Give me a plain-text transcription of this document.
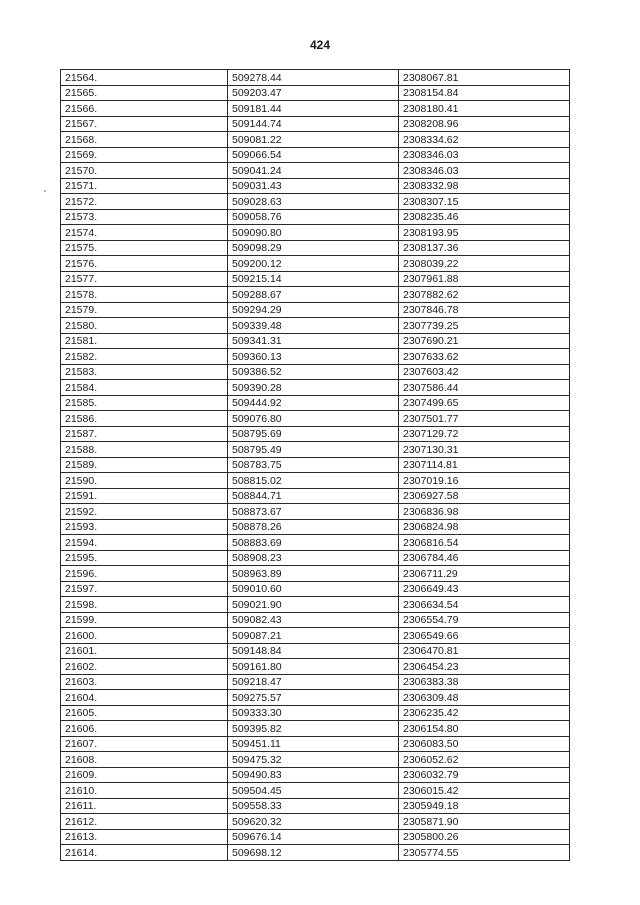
424
21564.	509278.44	2308067.81
21565.	509203.47	2308154.84
21566.	509181.44	2308180.41
21567.	509144.74	2308208.96
21568.	509081.22	2308334.62
21569.	509066.54	2308346.03
21570.	509041.24	2308346.03
21571.	509031.43	2308332.98
21572.	509028.63	2308307.15
21573.	509058.76	2308235.46
21574.	509090.80	2308193.95
21575.	509098.29	2308137.36
21576.	509200.12	2308039.22
21577.	509215.14	2307961.88
21578.	509288.67	2307882.62
21579.	509294.29	2307846.78
21580.	509339.48	2307739.25
21581.	509341.31	2307690.21
21582.	509360.13	2307633.62
21583.	509386.52	2307603.42
21584.	509390.28	2307586.44
21585.	509444.92	2307499.65
21586.	509076.80	2307501.77
21587.	508795.69	2307129.72
21588.	508795.49	2307130.31
21589.	508783.75	2307114.81
21590.	508815.02	2307019.16
21591.	508844.71	2306927.58
21592.	508873.67	2306836.98
21593.	508878.26	2306824.98
21594.	508883.69	2306816.54
21595.	508908.23	2306784.46
21596.	508963.89	2306711.29
21597.	509010.60	2306649.43
21598.	509021.90	2306634.54
21599.	509082.43	2306554.79
21600.	509087.21	2306549.66
21601.	509148.84	2306470.81
21602.	509161.80	2306454.23
21603.	509218.47	2306383.38
21604.	509275.57	2306309.48
21605.	509333.30	2306235.42
21606.	509395.82	2306154.80
21607.	509451.11	2306083.50
21608.	509475.32	2306052.62
21609.	509490.83	2306032.79
21610.	509504.45	2306015.42
21611.	509558.33	2305949.18
21612.	509620.32	2305871.90
21613.	509676.14	2305800.26
21614.	509698.12	2305774.55
